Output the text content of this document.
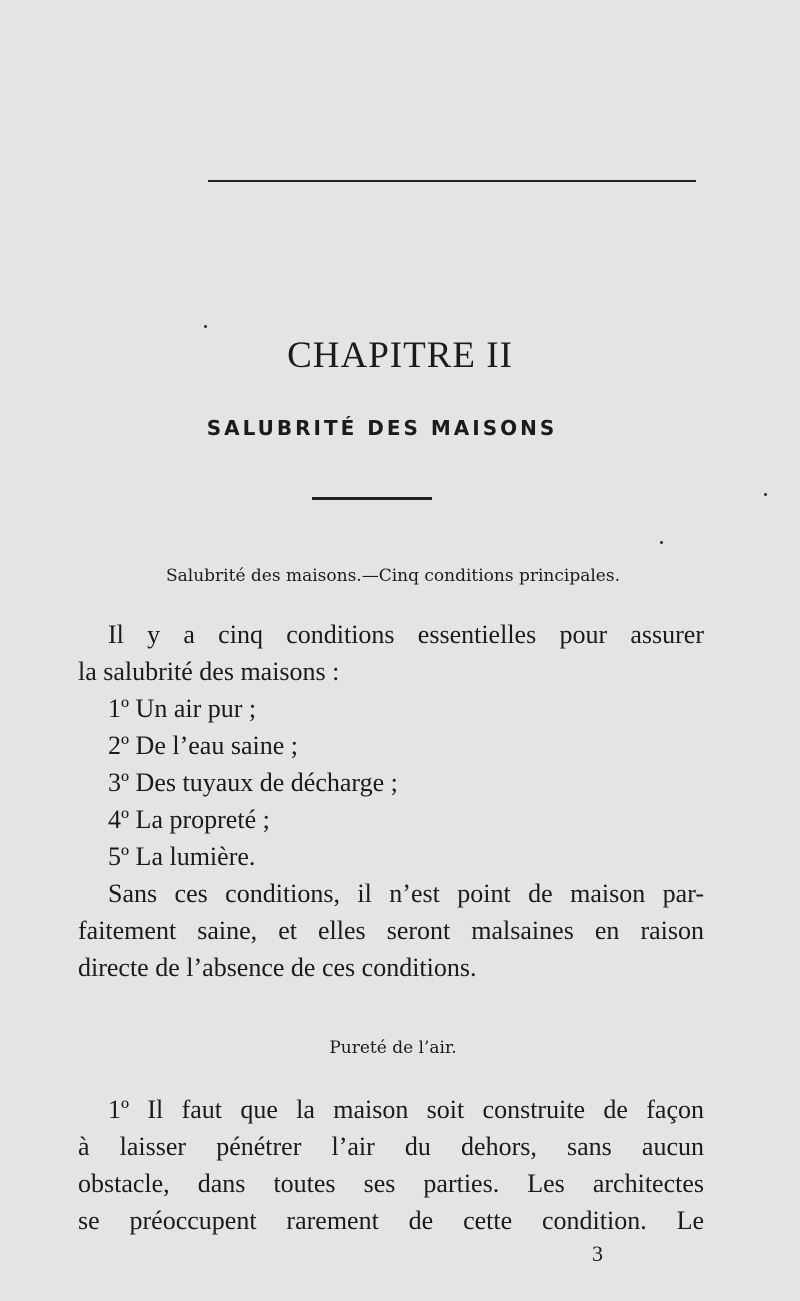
CHAPITRE II
SALUBRITÉ DES MAISONS
Salubrité des maisons.—Cinq conditions principales.

Il y a cinq conditions essentielles pour assurer

la salubrité des maisons :

1º Un air pur ;

2º De l’eau saine ;

3º Des tuyaux de décharge ;

4º La propreté ;

5º La lumière.

Sans ces conditions, il n’est point de maison par-

faitement saine, et elles seront malsaines en raison

directe de l’absence de ces conditions.

Pureté de l’air.

1º Il faut que la maison soit construite de façon

à laisser pénétrer l’air du dehors, sans aucun

obstacle, dans toutes ses parties. Les architectes

se préoccupent rarement de cette condition. Le

3
